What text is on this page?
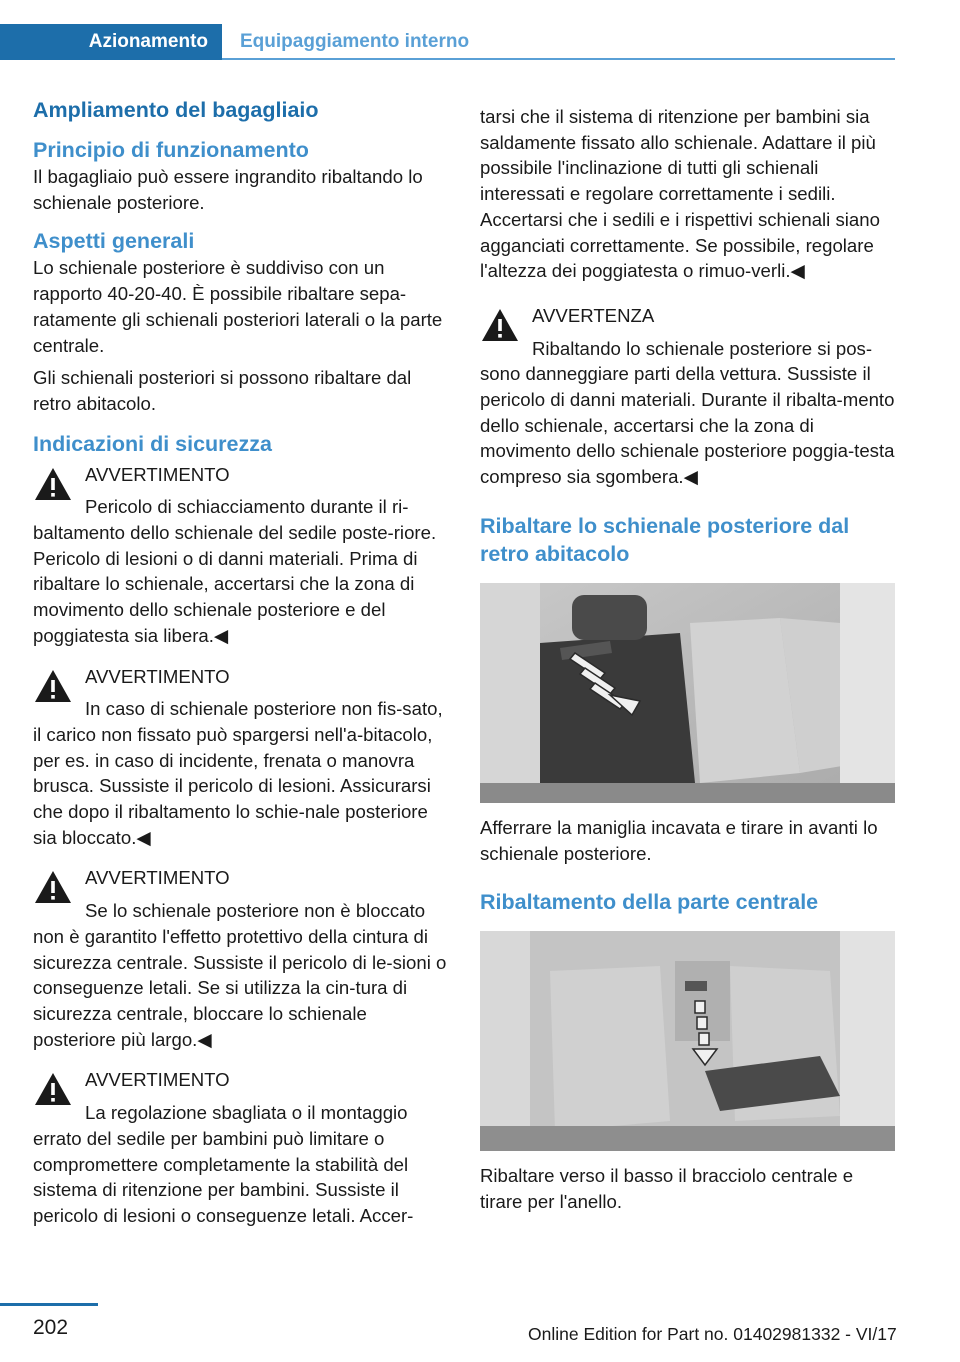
Azionamento	Equipaggiamento interno
Ampliamento del bagagliaio
Principio di funzionamento

Il bagagliaio può essere ingrandito ribaltando lo schienale posteriore.

Aspetti generali

Lo schienale posteriore è suddiviso con un rapporto 40-20-40. È possibile ribaltare sepa-ratamente gli schienali posteriori laterali o la parte centrale.

Gli schienali posteriori si possono ribaltare dal retro abitacolo.

Indicazioni di sicurezza
AVVERTIMENTO

Pericolo di schiacciamento durante il ri-baltamento dello schienale del sedile poste-riore. Pericolo di lesioni o di danni materiali. Prima di ribaltare lo schienale, accertarsi che la zona di movimento dello schienale posteriore e del poggiatesta sia libera.◀

AVVERTIMENTO

In caso di schienale posteriore non fis-sato, il carico non fissato può spargersi nell'a-bitacolo, per es. in caso di incidente, frenata o manovra brusca. Sussiste il pericolo di lesioni. Assicurarsi che dopo il ribaltamento lo schie-nale posteriore sia bloccato.◀

AVVERTIMENTO

Se lo schienale posteriore non è bloccato non è garantito l'effetto protettivo della cintura di sicurezza centrale. Sussiste il pericolo di le-sioni o conseguenze letali. Se si utilizza la cin-tura di sicurezza centrale, bloccare lo schienale posteriore più largo.◀

AVVERTIMENTO

La regolazione sbagliata o il montaggio errato del sedile per bambini può limitare o compromettere completamente la stabilità del sistema di ritenzione per bambini. Sussiste il pericolo di lesioni o conseguenze letali. Accer-

tarsi che il sistema di ritenzione per bambini sia saldamente fissato allo schienale. Adattare il più possibile l'inclinazione di tutti gli schienali interessati e regolare correttamente i sedili. Accertarsi che i sedili e i rispettivi schienali siano agganciati correttamente. Se possibile, regolare l'altezza dei poggiatesta o rimuo-verli.◀

AVVERTENZA

Ribaltando lo schienale posteriore si pos-sono danneggiare parti della vettura. Sussiste il pericolo di danni materiali. Durante il ribalta-mento dello schienale, accertarsi che la zona di movimento dello schienale posteriore poggia-testa compreso sia sgombera.◀

Ribaltare lo schienale posteriore dal retro abitacolo

Afferrare la maniglia incavata e tirare in avanti lo schienale posteriore.

Ribaltamento della parte centrale

Ribaltare verso il basso il bracciolo centrale e tirare per l'anello.

202	Online Edition for Part no. 01402981332 - VI/17
